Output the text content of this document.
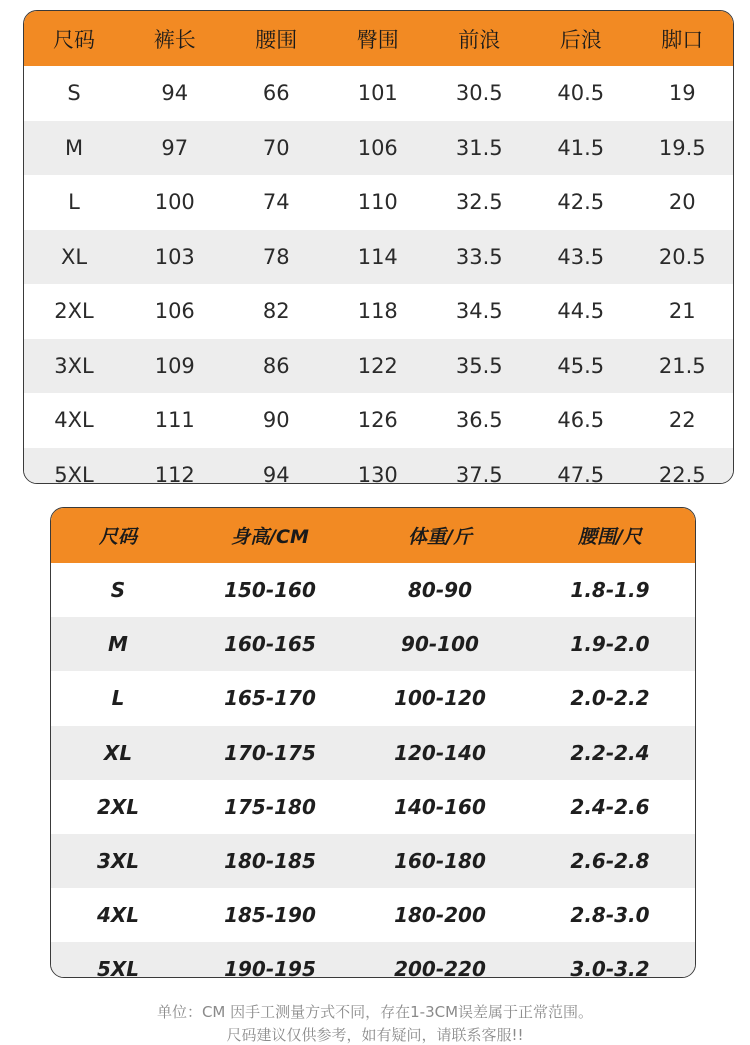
尺码	裤长	腰围	臀围	前浪	后浪	脚口
S	94	66	101	30.5	40.5	19
M	97	70	106	31.5	41.5	19.5
L	100	74	110	32.5	42.5	20
XL	103	78	114	33.5	43.5	20.5
2XL	106	82	118	34.5	44.5	21
3XL	109	86	122	35.5	45.5	21.5
4XL	111	90	126	36.5	46.5	22
5XL	112	94	130	37.5	47.5	22.5
尺码	身高/CM	体重/斤	腰围/尺
S	150-160	80-90	1.8-1.9
M	160-165	90-100	1.9-2.0
L	165-170	100-120	2.0-2.2
XL	170-175	120-140	2.2-2.4
2XL	175-180	140-160	2.4-2.6
3XL	180-185	160-180	2.6-2.8
4XL	185-190	180-200	2.8-3.0
5XL	190-195	200-220	3.0-3.2
单位：CM 因手工测量方式不同，存在1-3CM误差属于正常范围。
尺码建议仅供参考，如有疑问，请联系客服!!
